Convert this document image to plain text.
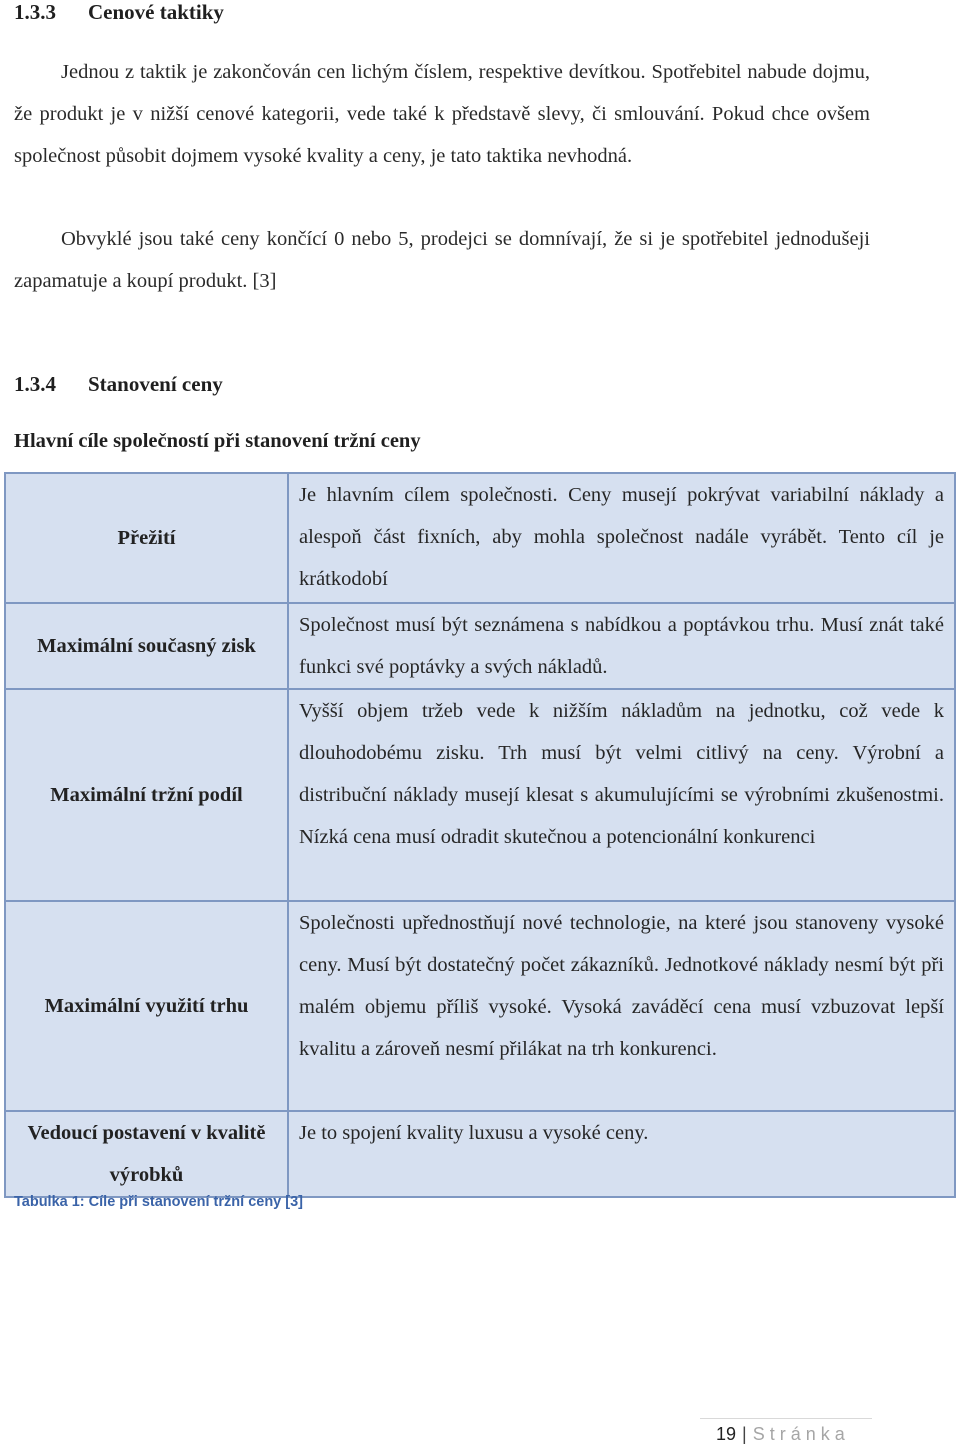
1.3.3 Cenové taktiky

Jednou z taktik je zakončován cen lichým číslem, respektive devítkou. Spotřebitel nabude dojmu, že produkt je v nižší cenové kategorii, vede také k představě slevy, či smlouvání. Pokud chce ovšem společnost působit dojmem vysoké kvality a ceny, je tato taktika nevhodná.

Obvyklé jsou také ceny končící 0 nebo 5, prodejci se domnívají, že si je spotřebitel jednodušeji zapamatuje a koupí produkt. [3]

1.3.4 Stanovení ceny
Hlavní cíle společností při stanovení tržní ceny
Přežití	Je hlavním cílem společnosti. Ceny musejí pokrývat variabilní náklady a alespoň část fixních, aby mohla společnost nadále vyrábět. Tento cíl je krátkodobí
Maximální současný zisk	Společnost musí být seznámena s nabídkou a poptávkou trhu. Musí znát také funkci své poptávky a svých nákladů.
Maximální tržní podíl	Vyšší objem tržeb vede k nižším nákladům na jednotku, což vede k dlouhodobému zisku. Trh musí být velmi citlivý na ceny. Výrobní a distribuční náklady musejí klesat s akumulujícími se výrobními zkušenostmi. Nízká cena musí odradit skutečnou a potencionální konkurenci
Maximální využití trhu	Společnosti upřednostňují nové technologie, na které jsou stanoveny vysoké ceny. Musí být dostatečný počet zákazníků. Jednotkové náklady nesmí být při malém objemu příliš vysoké. Vysoká zaváděcí cena musí vzbuzovat lepší kvalitu a zároveň nesmí přilákat na trh konkurenci.
Vedoucí postavení v kvalitě výrobků	Je to spojení kvality luxusu a vysoké ceny.
Tabulka 1: Cíle při stanovení tržní ceny [3]
19 | Stránka
